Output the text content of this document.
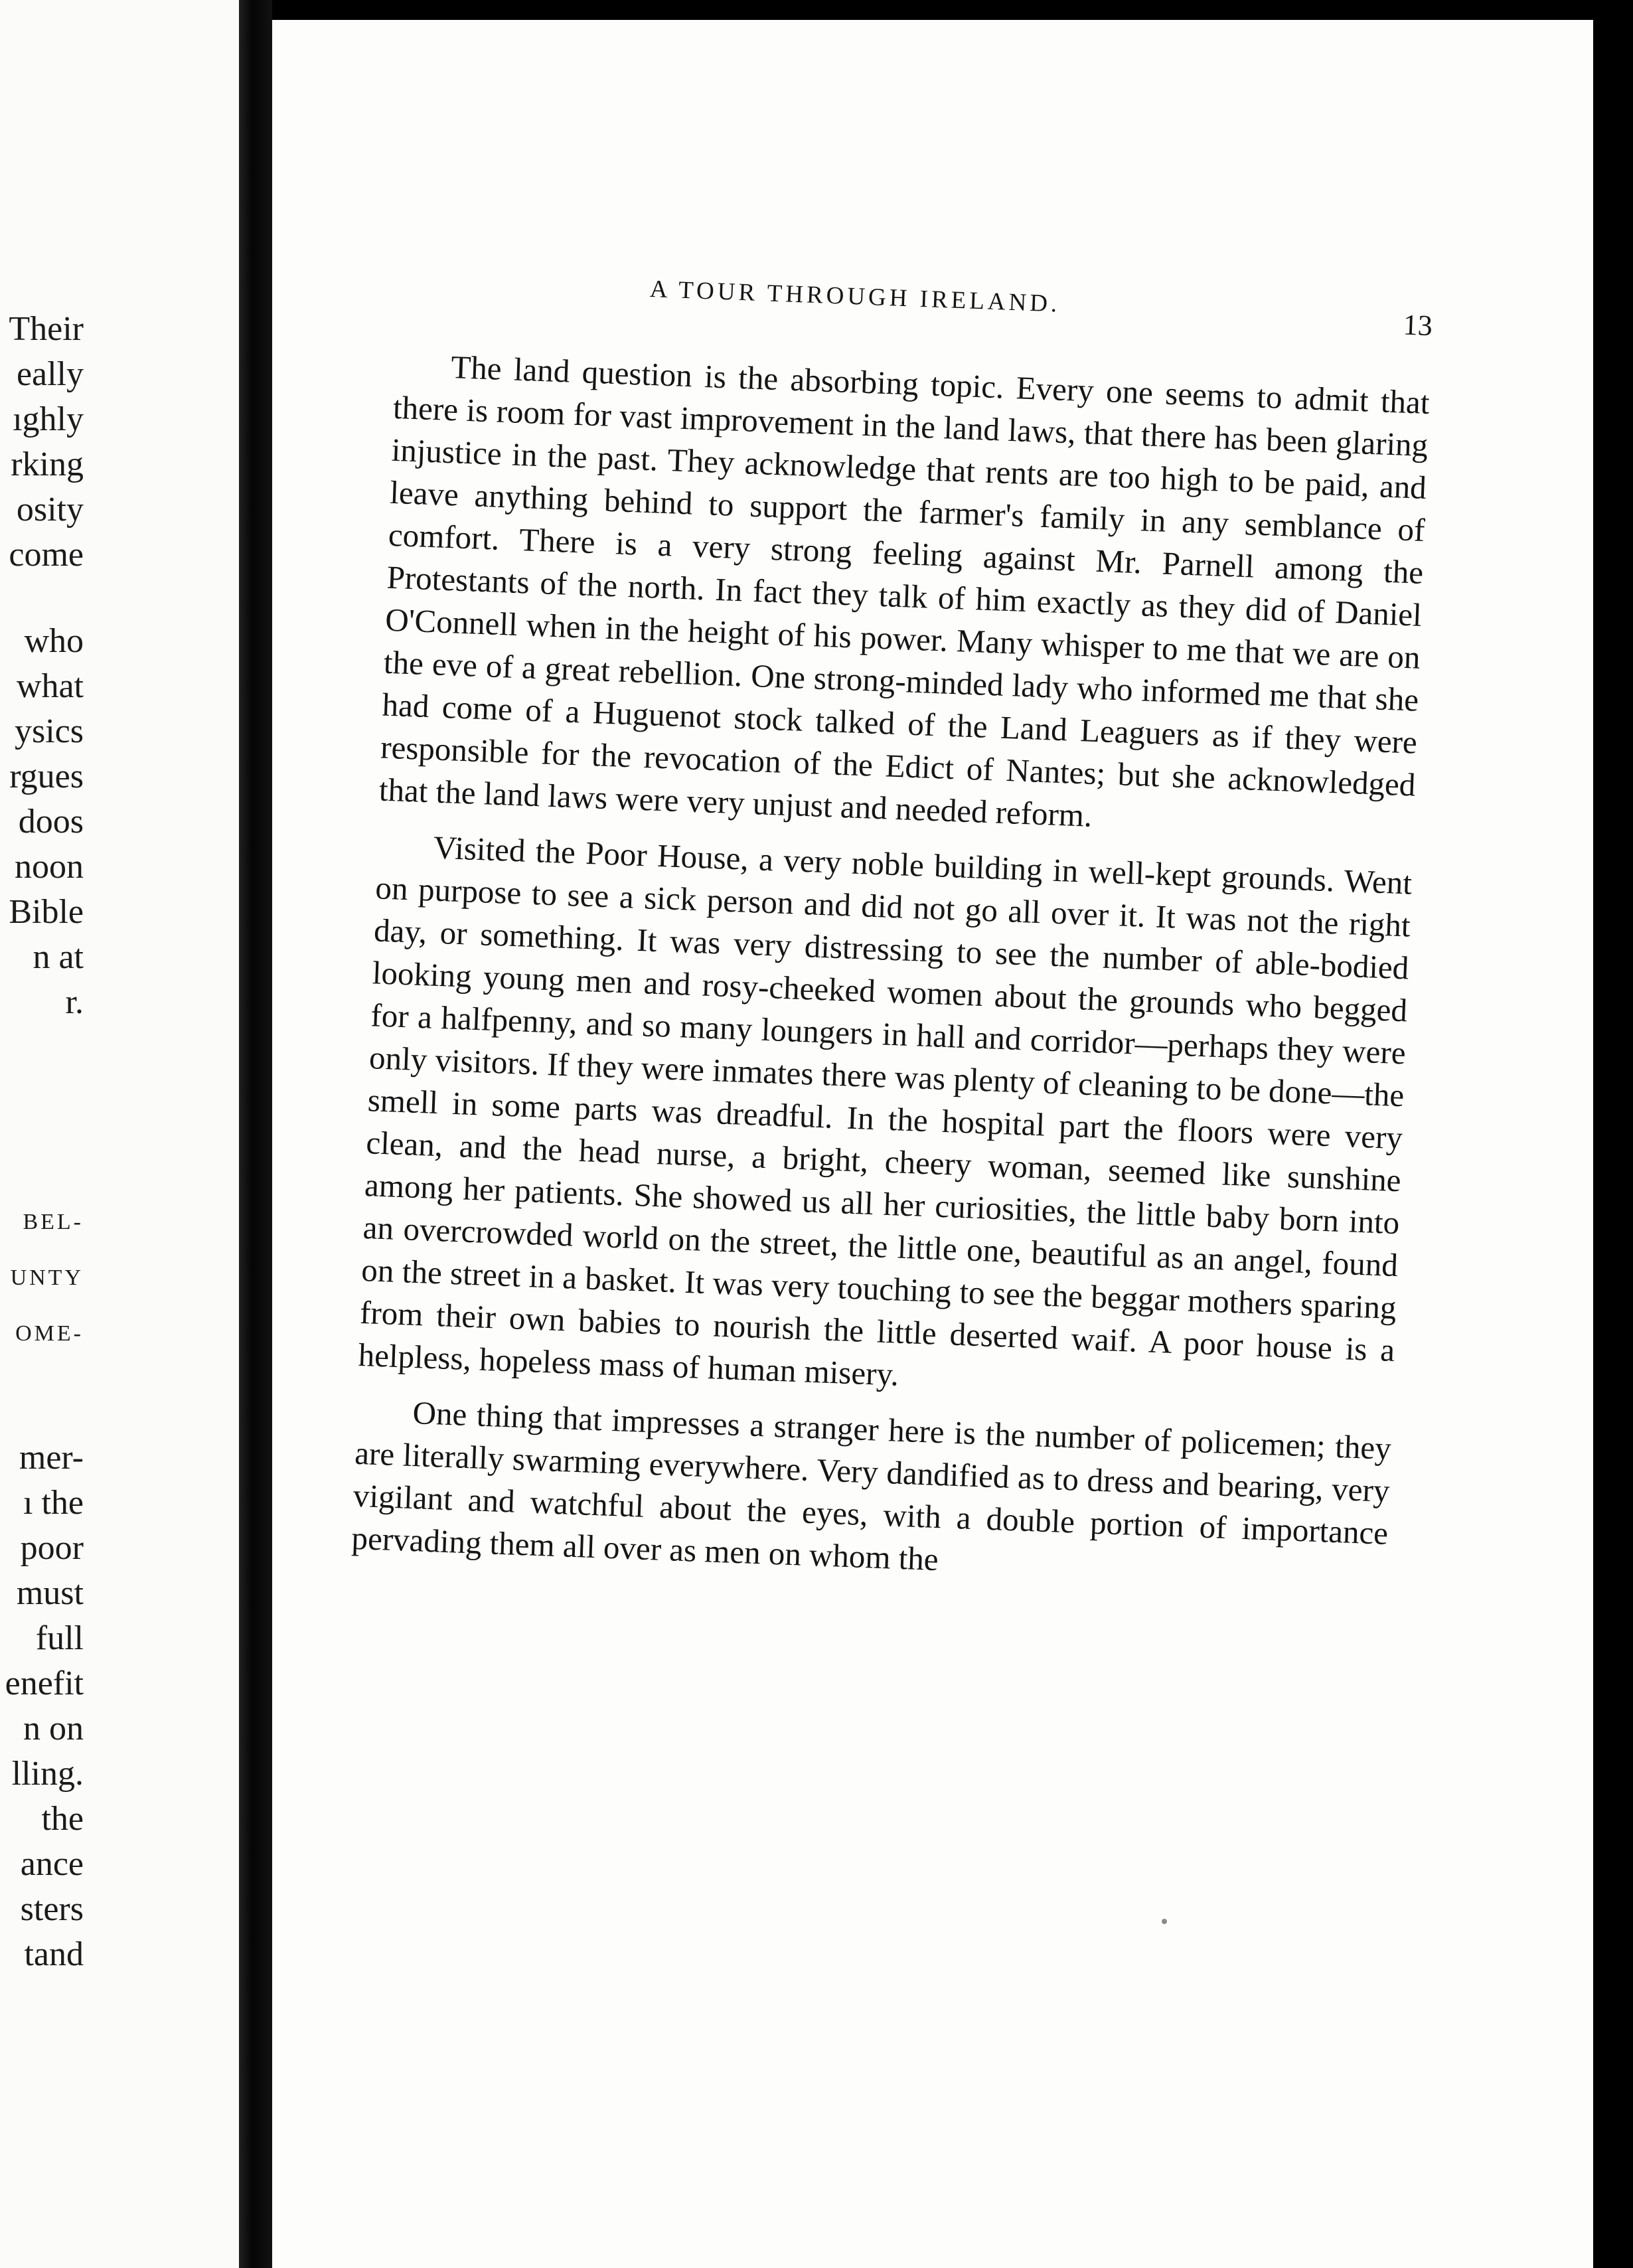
Their
eally
ıghly
rking
osity
come
who
what
ysics
rgues
doos
noon
Bible
n at
r.
BEL-
UNTY
OME-
mer-
ı the
poor
must
full
enefit
n on
lling.
the
ance
sters
tand
A TOUR THROUGH IRELAND.
13

The land question is the absorbing topic. Every one seems to admit that there is room for vast improvement in the land laws, that there has been glaring injustice in the past. They acknowledge that rents are too high to be paid, and leave anything behind to support the farmer's family in any semblance of comfort. There is a very strong feeling against Mr. Parnell among the Protestants of the north. In fact they talk of him exactly as they did of Daniel O'Connell when in the height of his power. Many whisper to me that we are on the eve of a great rebellion. One strong-minded lady who informed me that she had come of a Huguenot stock talked of the Land Leaguers as if they were responsible for the revocation of the Edict of Nantes; but she acknowledged that the land laws were very unjust and needed reform.

Visited the Poor House, a very noble building in well-kept grounds. Went on purpose to see a sick person and did not go all over it. It was not the right day, or something. It was very distressing to see the number of able-bodied looking young men and rosy-cheeked women about the grounds who begged for a halfpenny, and so many loungers in hall and corridor—perhaps they were only visitors. If they were inmates there was plenty of cleaning to be done—the smell in some parts was dreadful. In the hospital part the floors were very clean, and the head nurse, a bright, cheery woman, seemed like sunshine among her patients. She showed us all her curiosities, the little baby born into an overcrowded world on the street, the little one, beautiful as an angel, found on the street in a basket. It was very touching to see the beggar mothers sparing from their own babies to nourish the little deserted waif. A poor house is a helpless, hopeless mass of human misery.

One thing that impresses a stranger here is the number of policemen; they are literally swarming everywhere. Very dandified as to dress and bearing, very vigilant and watchful about the eyes, with a double portion of importance pervading them all over as men on whom the
